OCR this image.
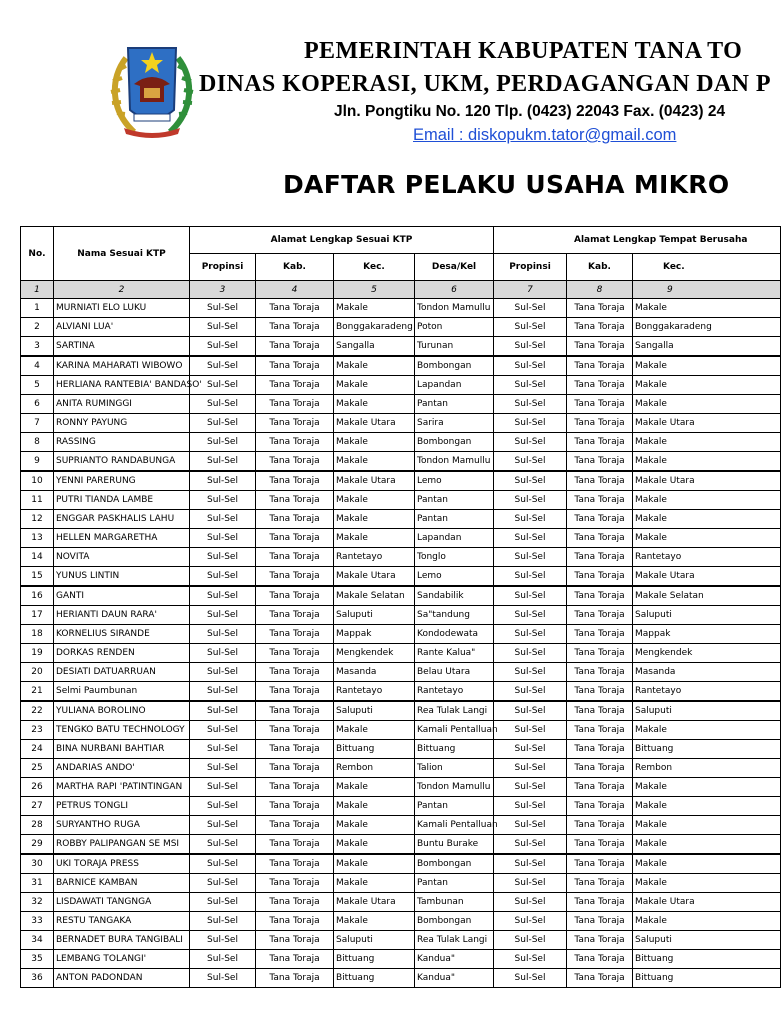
PEMERINTAH KABUPATEN TANA TO
DINAS KOPERASI, UKM, PERDAGANGAN DAN P
Jln. Pongtiku No. 120 Tlp. (0423) 22043 Fax. (0423) 24
Email : diskopukm.tator@gmail.com
DAFTAR PELAKU USAHA MIKRO
No.	Nama Sesuai KTP	Alamat Lengkap Sesuai KTP				Alamat Lengkap Tempat Berusaha		
		Propinsi	Kab.	Kec.	Desa/Kel	Propinsi	Kab.	Kec.
1	2	3	4	5	6	7	8	9
1	MURNIATI ELO LUKU	Sul-Sel	Tana Toraja	Makale	Tondon Mamullu	Sul-Sel	Tana Toraja	Makale
2	ALVIANI LUA'	Sul-Sel	Tana Toraja	Bonggakaradeng	Poton	Sul-Sel	Tana Toraja	Bonggakaradeng
3	SARTINA	Sul-Sel	Tana Toraja	Sangalla	Turunan	Sul-Sel	Tana Toraja	Sangalla
4	KARINA MAHARATI WIBOWO	Sul-Sel	Tana Toraja	Makale	Bombongan	Sul-Sel	Tana Toraja	Makale
5	HERLIANA RANTEBIA' BANDASO'	Sul-Sel	Tana Toraja	Makale	Lapandan	Sul-Sel	Tana Toraja	Makale
6	ANITA RUMINGGI	Sul-Sel	Tana Toraja	Makale	Pantan	Sul-Sel	Tana Toraja	Makale
7	RONNY PAYUNG	Sul-Sel	Tana Toraja	Makale Utara	Sarira	Sul-Sel	Tana Toraja	Makale Utara
8	RASSING	Sul-Sel	Tana Toraja	Makale	Bombongan	Sul-Sel	Tana Toraja	Makale
9	SUPRIANTO RANDABUNGA	Sul-Sel	Tana Toraja	Makale	Tondon Mamullu	Sul-Sel	Tana Toraja	Makale
10	YENNI PARERUNG	Sul-Sel	Tana Toraja	Makale Utara	Lemo	Sul-Sel	Tana Toraja	Makale Utara
11	PUTRI TIANDA LAMBE	Sul-Sel	Tana Toraja	Makale	Pantan	Sul-Sel	Tana Toraja	Makale
12	ENGGAR PASKHALIS LAHU	Sul-Sel	Tana Toraja	Makale	Pantan	Sul-Sel	Tana Toraja	Makale
13	HELLEN MARGARETHA	Sul-Sel	Tana Toraja	Makale	Lapandan	Sul-Sel	Tana Toraja	Makale
14	NOVITA	Sul-Sel	Tana Toraja	Rantetayo	Tonglo	Sul-Sel	Tana Toraja	Rantetayo
15	YUNUS LINTIN	Sul-Sel	Tana Toraja	Makale Utara	Lemo	Sul-Sel	Tana Toraja	Makale Utara
16	GANTI	Sul-Sel	Tana Toraja	Makale Selatan	Sandabilik	Sul-Sel	Tana Toraja	Makale Selatan
17	HERIANTI DAUN RARA'	Sul-Sel	Tana Toraja	Saluputi	Sa"tandung	Sul-Sel	Tana Toraja	Saluputi
18	KORNELIUS SIRANDE	Sul-Sel	Tana Toraja	Mappak	Kondodewata	Sul-Sel	Tana Toraja	Mappak
19	DORKAS RENDEN	Sul-Sel	Tana Toraja	Mengkendek	Rante Kalua"	Sul-Sel	Tana Toraja	Mengkendek
20	DESIATI DATUARRUAN	Sul-Sel	Tana Toraja	Masanda	Belau Utara	Sul-Sel	Tana Toraja	Masanda
21	Selmi Paumbunan	Sul-Sel	Tana Toraja	Rantetayo	Rantetayo	Sul-Sel	Tana Toraja	Rantetayo
22	YULIANA BOROLINO	Sul-Sel	Tana Toraja	Saluputi	Rea Tulak Langi	Sul-Sel	Tana Toraja	Saluputi
23	TENGKO BATU TECHNOLOGY	Sul-Sel	Tana Toraja	Makale	Kamali Pentalluan	Sul-Sel	Tana Toraja	Makale
24	BINA NURBANI BAHTIAR	Sul-Sel	Tana Toraja	Bittuang	Bittuang	Sul-Sel	Tana Toraja	Bittuang
25	ANDARIAS ANDO'	Sul-Sel	Tana Toraja	Rembon	Talion	Sul-Sel	Tana Toraja	Rembon
26	MARTHA RAPI 'PATINTINGAN	Sul-Sel	Tana Toraja	Makale	Tondon Mamullu	Sul-Sel	Tana Toraja	Makale
27	PETRUS TONGLI	Sul-Sel	Tana Toraja	Makale	Pantan	Sul-Sel	Tana Toraja	Makale
28	SURYANTHO RUGA	Sul-Sel	Tana Toraja	Makale	Kamali Pentalluan	Sul-Sel	Tana Toraja	Makale
29	ROBBY PALIPANGAN SE MSI	Sul-Sel	Tana Toraja	Makale	Buntu Burake	Sul-Sel	Tana Toraja	Makale
30	UKI TORAJA PRESS	Sul-Sel	Tana Toraja	Makale	Bombongan	Sul-Sel	Tana Toraja	Makale
31	BARNICE KAMBAN	Sul-Sel	Tana Toraja	Makale	Pantan	Sul-Sel	Tana Toraja	Makale
32	LISDAWATI TANGNGA	Sul-Sel	Tana Toraja	Makale Utara	Tambunan	Sul-Sel	Tana Toraja	Makale Utara
33	RESTU TANGAKA	Sul-Sel	Tana Toraja	Makale	Bombongan	Sul-Sel	Tana Toraja	Makale
34	BERNADET BURA TANGIBALI	Sul-Sel	Tana Toraja	Saluputi	Rea Tulak Langi	Sul-Sel	Tana Toraja	Saluputi
35	LEMBANG TOLANGI'	Sul-Sel	Tana Toraja	Bittuang	Kandua"	Sul-Sel	Tana Toraja	Bittuang
36	ANTON PADONDAN	Sul-Sel	Tana Toraja	Bittuang	Kandua"	Sul-Sel	Tana Toraja	Bittuang
